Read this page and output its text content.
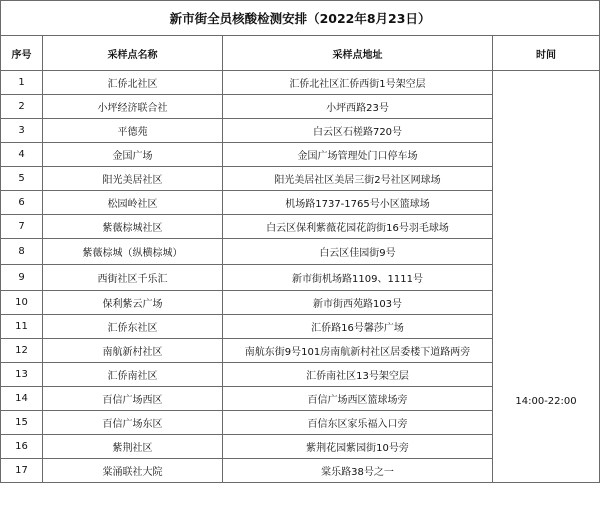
新市街全员核酸检测安排（2022年8月23日）			
序号	采样点名称	采样点地址	时间
1	汇侨北社区	汇侨北社区汇侨西街1号架空层	14:00-22:00
2	小坪经济联合社	小坪西路23号	
3	平德苑	白云区石槎路720号	
4	金国广场	金国广场管理处门口停车场	
5	阳光美居社区	阳光美居社区美居三街2号社区网球场	
6	松园岭社区	机场路1737-1765号小区篮球场	
7	紫薇棕城社区	白云区保利紫薇花园花韵街16号羽毛球场	
8	紫薇棕城（纵横棕城）	白云区佳园街9号	
9	西街社区千乐汇	新市街机场路1109、1111号	
10	保利紫云广场	新市街西苑路103号	
11	汇侨东社区	汇侨路16号馨莎广场	
12	南航新村社区	南航东街9号101房南航新村社区居委楼下道路两旁	
13	汇侨南社区	汇侨南社区13号架空层	
14	百信广场西区	百信广场西区篮球场旁	
15	百信广场东区	百信东区家乐福入口旁	
16	紫荆社区	紫荆花园紫园街10号旁	
17	棠涌联社大院	棠乐路38号之一	
